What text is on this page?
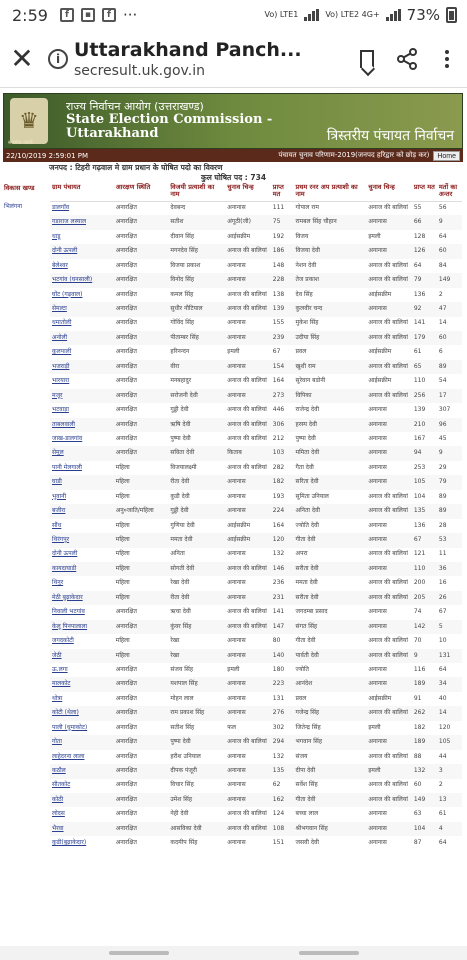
2:59	f	▪	f ···	Vo) LTE1	Vo) LTE2 4G+ 73%
✕	i Uttarakhand Panch...
secresult.uk.gov.in
♛
सत्यमेव जयते
राज्य निर्वाचन आयोग (उत्तराखण्ड)
State Election Commission -
Uttarakhand	त्रिस्तरीय पंचायत निर्वाचन
22/10/2019 2:59:01 PM	पंचायत चुनाव परिणाम-2019(जनपद हरिद्वार को छोड़ कर)	Home
जनपद : टिहरी गढ़वाल मे ग्राम प्रधान के घोषित पदो का विवरण
कुल घोषित पद : 734
विकास खण्ड
भिलंगना
ग्राम पंचायत	आरक्षण स्थिति	विजयी प्रत्याशी का नाम	चुनाव चिन्ह	प्राप्त मत	प्रथम रनर अप प्रत्याशी का नाम	चुनाव चिन्ह	प्राप्त मत	मतों का अन्तर
डालगॉव	अनारक्षित	देवबन्द	अनानास	111	गोपाल राम	अनाज की बालियां	55	56
गडाराज लस्याल	अनारक्षित	सतीश	अंगूठी(जी)	75	रामबल सिंह चौहान	अनानास	66	9
धाडू	अनारक्षित	दीवान सिंह	आईसक्रीम	192	विजय	इमली	128	64
दोनी ऊपली	अनारक्षित	मगनदेव सिंह	अनाज की बालियां	186	विजया देवी	अनानास	126	60
बेलेश्वर	अनारक्षित	विजया प्रकाश	अनानास	148	नेशन देवी	अनाज की बालियां	64	84
भटगांव (घनसाली)	अनारक्षित	विनोद सिंह	अनानास	228	तेज प्रकाश	अनाज की बालियां	79	149
घोंट (गढ़वाल)	अनारक्षित	कमल सिंह	अनाज की बालियां	138	देव सिंह	आईसक्रीम	136	2
सेमल्टा	अनारक्षित	सुधीर नौटियाल	अनाज की बालियां	139	कुलवीर चन्द	अनानास	92	47
धमातोली	अनारक्षित	गोविंद सिंह	अनानास	155	मुकेश सिंह	अनाज की बालियां	141	14
अनोली	अनारक्षित	पीताम्बर सिंह	अनानास	239	उदीया सिंह	अनाज की बालियां	179	60
कुलपाली	अनारक्षित	हरिनन्दन	इमली	67	प्रवल	आईसक्रीम	61	6
भजराड़ी	अनारक्षित	वीरा	अनानास	154	खुशी राम	अनाज की बालियां	65	89
भारयारा	अनारक्षित	मनबहादुर	अनाज की बालियां	164	सुरेवान बडोनी	आईसक्रीम	110	54
मजूर	अनारक्षित	सरोजनी देवी	अनानास	273	विपिका	अनाज की बालियां	256	17
भटवाड़ा	अनारक्षित	गुड्डी देवी	अनाज की बालियां	446	राजेन्द्र देवी	अनानास	139	307
ताबलवाली	अनारक्षित	ऋषि देवी	अनाज की बालियां	306	हरस्य देवी	अनानास	210	96
जाख-डालगांव	अनारक्षित	पुष्पा देवी	अनाज की बालियां	212	पुष्पा देवी	अनानास	167	45
सेमुल	अनारक्षित	सविता देवी	किताब	103	ममिता देवी	अनानास	94	9
पानी मेलगाली	महिला	विजयालक्ष्मी	अनाज की बालियां	282	गैता देवी	अनानास	253	29
घाडी	महिला	रीता देवी	अनानास	182	सरिता देवी	अनानास	105	79
भुवानी	महिला	कुडी देवी	अनानास	193	सुमिता उनियाल	अनाज की बालियां	104	89
बजीरा	अनु०जाति/महिला	गुड्डी देवी	अनानास	224	अनिता देवी	अनाज की बालियां	135	89
सौंध	महिला	गुणिया देवी	आईसक्रीम	164	ज्योति देवी	अनानास	136	28
थिरंगपुर	महिला	ममता देवी	आईसक्रीम	120	गीता देवी	अनानास	67	53
दोनी ऊपली	महिला	अनिता	अनानास	132	अपरा	अनाज की बालियां	121	11
कायदाघाडी	महिला	सोगती देवी	अनाज की बालियां	146	सरीता देवी	अनानास	110	36
थिनुर	महिला	रेखा देवी	अनानास	236	ममता देवी	अनाज की बालियां	200	16
मेठी बुढ़ाकेदार	महिला	रीता देवी	अनानास	231	सरीता देवी	अनाज की बालियां	205	26
निवाली भटगांव	अनारक्षित	ऋचा देवी	अनाज की बालियां	141	जगदम्बा प्रसाद	अनानास	74	67
केलू पिनपालाला	अनारक्षित	कुंवर सिंह	अनाज की बालियां	147	संगत सिंह	अनानास	142	5
जगदकोटी	महिला	रेखा	अनानास	80	गीता देवी	अनाज की बालियां	70	10
जेठी	महिला	रेखा	अनानास	140	पार्वती देवी	अनाज की बालियां	9	131
ऊ.लगा	अनारक्षित	संजय सिंह	इमली	180	ज्योति	अनानास	116	64
मालकोट	अनारक्षित	यशपाल सिंह	अनानास	223	आनंदेश	अनानास	189	34
थोत्रा	अनारक्षित	मोहन लाल	अनानास	131	प्रवल	आईसक्रीम	91	40
कोटी (थेला)	अनारक्षित	राम प्रकाश सिंह	अनानास	276	गजेन्द्र सिंह	अनाज की बालियां	262	14
पाली (धुमाकोट)	अनारक्षित	सतीश सिंह	फल	302	जितेन्द्र सिंह	इमली	182	120
गोता	अनारक्षित	पुष्पा देवी	अनाज की बालियां	294	भगवान सिंह	अनानास	189	105
लाहेदरना लाला	अनारक्षित	हरीश उनियाल	अनानास	132	संजय	अनाज की बालियां	88	44
कठौल	अनारक्षित	दीपक पंजूरी	अनानास	135	दीपा देवी	इमली	132	3
सीतकोट	अनारक्षित	विचार सिंह	अनानास	62	सर्वेश सिंह	अनाज की बालियां	60	2
कोठी	अनारक्षित	उमेश सिंह	अनानास	162	गीता देवी	अनाज की बालियां	149	13
लोदस	अनारक्षित	नेही देवी	अनाज की बालियां	124	बच्चा लाल	अनानास	63	61
भैरवा	अनारक्षित	आसविका देवी	अनाज की बालियां	108	श्रीभगवान सिंह	अनानास	104	4
कुडी(बुढ़ाकेदार)	अनारक्षित	कदमीप सिंह	अनानास	151	जसवी देवी	अनानास	87	64
